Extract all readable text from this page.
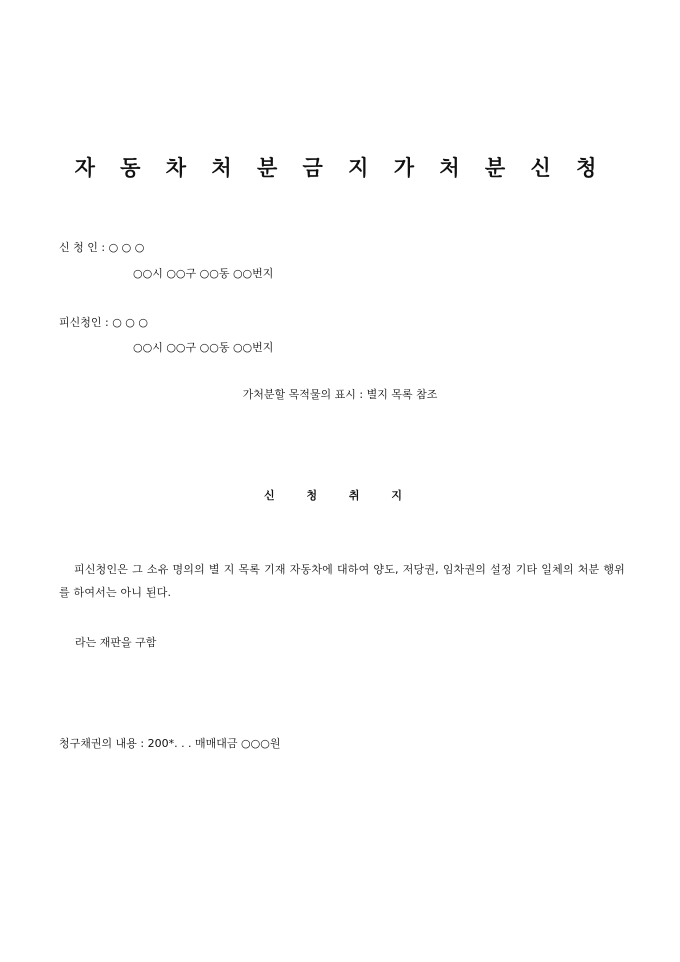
자 동 차 처 분 금 지 가 처 분 신 청
신 청 인 : ○ ○ ○
○○시 ○○구 ○○동 ○○번지
피신청인 : ○ ○ ○
○○시 ○○구 ○○동 ○○번지
가처분할 목적물의 표시 : 별지 목록 참조
신 청 취 지
피신청인은 그 소유 명의의 별 지 목록 기재 자동차에 대하여 양도, 저당권, 임차권의 설정 기타 일체의 처분 행위를 하여서는 아니 된다.
라는 재판을 구함
청구채권의 내용 : 200*. . . 매매대금 ○○○원
